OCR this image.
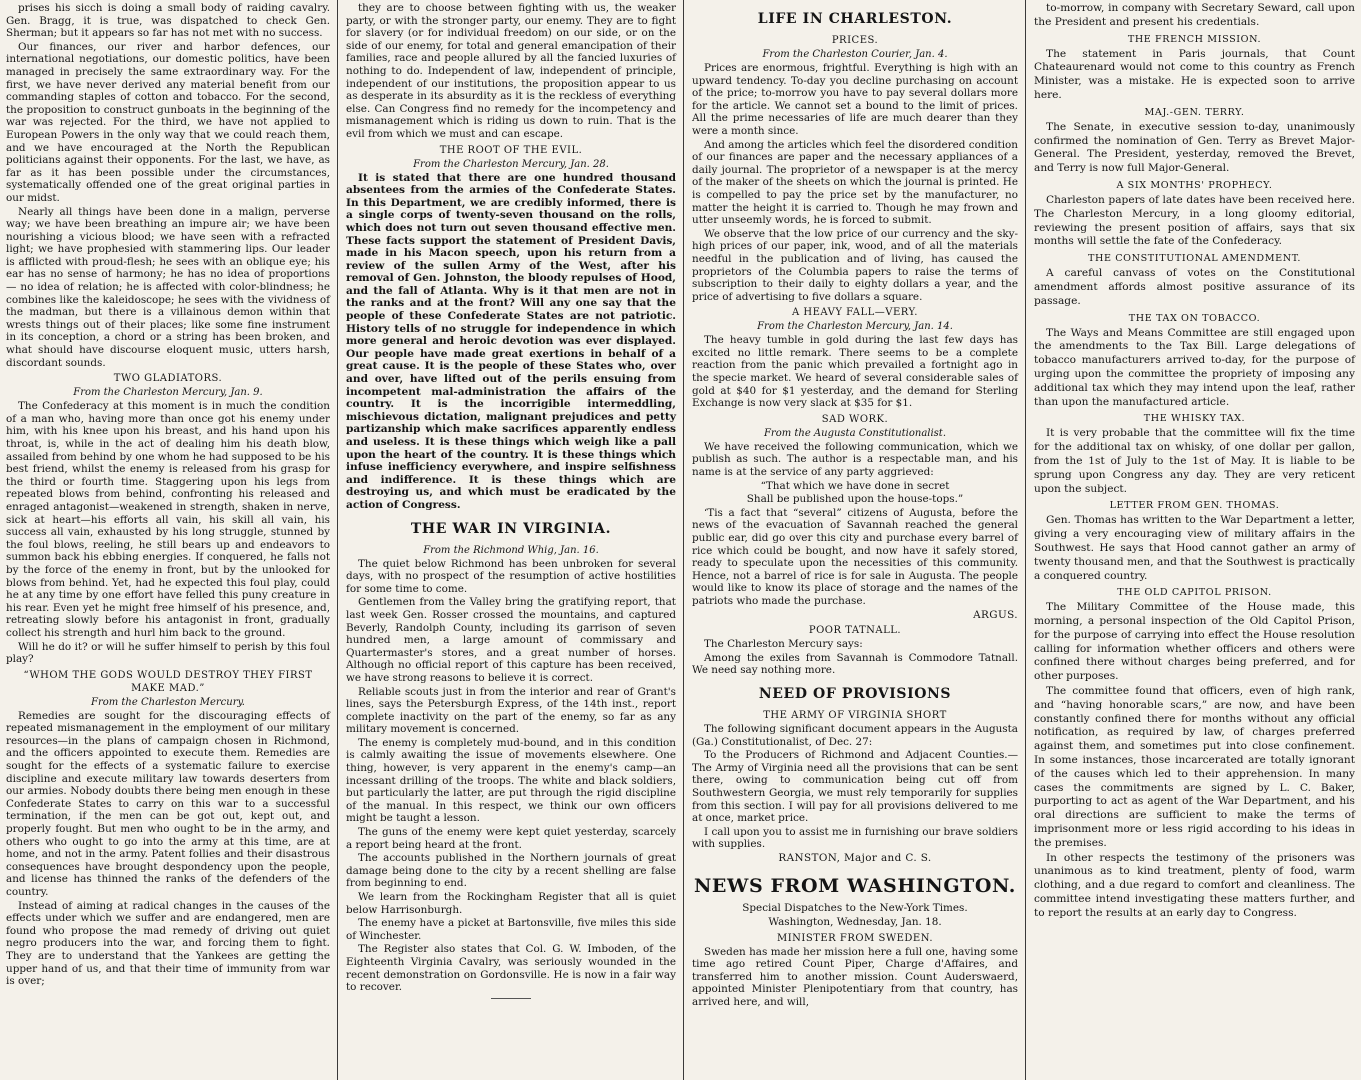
prises his sicch is doing a small body of raiding cavalry. Gen. Bragg, it is true, was dispatched to check Gen. Sherman; but it appears so far has not met with no success.

Our finances, our river and harbor defences, our international negotiations, our domestic politics, have been managed in precisely the same extraordinary way. For the first, we have never derived any material benefit from our commanding staples of cotton and tobacco. For the second, the proposition to construct gunboats in the beginning of the war was rejected. For the third, we have not applied to European Powers in the only way that we could reach them, and we have encouraged at the North the Republican politicians against their opponents. For the last, we have, as far as it has been possible under the circumstances, systematically offended one of the great original parties in our midst.

Nearly all things have been done in a malign, perverse way; we have been breathing an impure air; we have been nourishing a vicious blood; we have seen with a refracted light; we have prophesied with stammering lips. Our leader is afflicted with proud-flesh; he sees with an oblique eye; his ear has no sense of harmony; he has no idea of proportions — no idea of relation; he is affected with color-blindness; he combines like the kaleidoscope; he sees with the vividness of the madman, but there is a villainous demon within that wrests things out of their places; like some fine instrument in its conception, a chord or a string has been broken, and what should have discourse eloquent music, utters harsh, discordant sounds.

TWO GLADIATORS.
From the Charleston Mercury, Jan. 9.

The Confederacy at this moment is in much the condition of a man who, having more than once got his enemy under him, with his knee upon his breast, and his hand upon his throat, is, while in the act of dealing him his death blow, assailed from behind by one whom he had supposed to be his best friend, whilst the enemy is released from his grasp for the third or fourth time. Staggering upon his legs from repeated blows from behind, confronting his released and enraged antagonist—weakened in strength, shaken in nerve, sick at heart—his efforts all vain, his skill all vain, his success all vain, exhausted by his long struggle, stunned by the foul blows, reeling, he still bears up and endeavors to summon back his ebbing energies. If conquered, he falls not by the force of the enemy in front, but by the unlooked for blows from behind. Yet, had he expected this foul play, could he at any time by one effort have felled this puny creature in his rear. Even yet he might free himself of his presence, and, retreating slowly before his antagonist in front, gradually collect his strength and hurl him back to the ground.

Will he do it? or will he suffer himself to perish by this foul play?

“WHOM THE GODS WOULD DESTROY THEY FIRST MAKE MAD.”
From the Charleston Mercury.

Remedies are sought for the discouraging effects of repeated mismanagement in the employment of our military resources—in the plans of campaign chosen in Richmond, and the officers appointed to execute them. Remedies are sought for the effects of a systematic failure to exercise discipline and execute military law towards deserters from our armies. Nobody doubts there being men enough in these Confederate States to carry on this war to a successful termination, if the men can be got out, kept out, and properly fought. But men who ought to be in the army, and others who ought to go into the army at this time, are at home, and not in the army. Patent follies and their disastrous consequences have brought despondency upon the people, and license has thinned the ranks of the defenders of the country.

Instead of aiming at radical changes in the causes of the effects under which we suffer and are endangered, men are found who propose the mad remedy of driving out quiet negro producers into the war, and forcing them to fight. They are to understand that the Yankees are getting the upper hand of us, and that their time of immunity from war is over;

they are to choose between fighting with us, the weaker party, or with the stronger party, our enemy. They are to fight for slavery (or for individual freedom) on our side, or on the side of our enemy, for total and general emancipation of their families, race and people allured by all the fancied luxuries of nothing to do. Independent of law, independent of principle, independent of our institutions, the proposition appear to us as desperate in its absurdity as it is the reckless of everything else. Can Congress find no remedy for the incompetency and mismanagement which is riding us down to ruin. That is the evil from which we must and can escape.

THE ROOT OF THE EVIL.
From the Charleston Mercury, Jan. 28.

It is stated that there are one hundred thousand absentees from the armies of the Confederate States. In this Department, we are credibly informed, there is a single corps of twenty-seven thousand on the rolls, which does not turn out seven thousand effective men. These facts support the statement of President Davis, made in his Macon speech, upon his return from a review of the sullen Army of the West, after his removal of Gen. Johnston, the bloody repulses of Hood, and the fall of Atlanta. Why is it that men are not in the ranks and at the front? Will any one say that the people of these Confederate States are not patriotic. History tells of no struggle for independence in which more general and heroic devotion was ever displayed. Our people have made great exertions in behalf of a great cause. It is the people of these States who, over and over, have lifted out of the perils ensuing from incompetent mal-administration the affairs of the country. It is the incorrigible intermeddling, mischievous dictation, malignant prejudices and petty partizanship which make sacrifices apparently endless and useless. It is these things which weigh like a pall upon the heart of the country. It is these things which infuse inefficiency everywhere, and inspire selfishness and indifference. It is these things which are destroying us, and which must be eradicated by the action of Congress.

THE WAR IN VIRGINIA.
From the Richmond Whig, Jan. 16.

The quiet below Richmond has been unbroken for several days, with no prospect of the resumption of active hostilities for some time to come.

Gentlemen from the Valley bring the gratifying report, that last week Gen. Rosser crossed the mountains, and captured Beverly, Randolph County, including its garrison of seven hundred men, a large amount of commissary and Quartermaster's stores, and a great number of horses. Although no official report of this capture has been received, we have strong reasons to believe it is correct.

Reliable scouts just in from the interior and rear of Grant's lines, says the Petersburgh Express, of the 14th inst., report complete inactivity on the part of the enemy, so far as any military movement is concerned.

The enemy is completely mud-bound, and in this condition is calmly awaiting the issue of movements elsewhere. One thing, however, is very apparent in the enemy's camp—an incessant drilling of the troops. The white and black soldiers, but particularly the latter, are put through the rigid discipline of the manual. In this respect, we think our own officers might be taught a lesson.

The guns of the enemy were kept quiet yesterday, scarcely a report being heard at the front.

The accounts published in the Northern journals of great damage being done to the city by a recent shelling are false from beginning to end.

We learn from the Rockingham Register that all is quiet below Harrisonburgh.

The enemy have a picket at Bartonsville, five miles this side of Winchester.

The Register also states that Col. G. W. Imboden, of the Eighteenth Virginia Cavalry, was seriously wounded in the recent demonstration on Gordonsville. He is now in a fair way to recover.

LIFE IN CHARLESTON.
PRICES.
From the Charleston Courier, Jan. 4.

Prices are enormous, frightful. Everything is high with an upward tendency. To-day you decline purchasing on account of the price; to-morrow you have to pay several dollars more for the article. We cannot set a bound to the limit of prices. All the prime necessaries of life are much dearer than they were a month since.

And among the articles which feel the disordered condition of our finances are paper and the necessary appliances of a daily journal. The proprietor of a newspaper is at the mercy of the maker of the sheets on which the journal is printed. He is compelled to pay the price set by the manufacturer, no matter the height it is carried to. Though he may frown and utter unseemly words, he is forced to submit.

We observe that the low price of our currency and the sky-high prices of our paper, ink, wood, and of all the materials needful in the publication and of living, has caused the proprietors of the Columbia papers to raise the terms of subscription to their daily to eighty dollars a year, and the price of advertising to five dollars a square.

A HEAVY FALL—VERY.
From the Charleston Mercury, Jan. 14.

The heavy tumble in gold during the last few days has excited no little remark. There seems to be a complete reaction from the panic which prevailed a fortnight ago in the specie market. We heard of several considerable sales of gold at $40 for $1 yesterday, and the demand for Sterling Exchange is now very slack at $35 for $1.

SAD WORK.
From the Augusta Constitutionalist.

We have received the following communication, which we publish as such. The author is a respectable man, and his name is at the service of any party aggrieved:

“That which we have done in secret
Shall be published upon the house-tops.”

‘Tis a fact that “several” citizens of Augusta, before the news of the evacuation of Savannah reached the general public ear, did go over this city and purchase every barrel of rice which could be bought, and now have it safely stored, ready to speculate upon the necessities of this community. Hence, not a barrel of rice is for sale in Augusta. The people would like to know its place of storage and the names of the patriots who made the purchase.

ARGUS.
POOR TATNALL.

The Charleston Mercury says:

Among the exiles from Savannah is Commodore Tatnall. We need say nothing more.

NEED OF PROVISIONS
THE ARMY OF VIRGINIA SHORT

The following significant document appears in the Augusta (Ga.) Constitutionalist, of Dec. 27:

To the Producers of Richmond and Adjacent Counties.—The Army of Virginia need all the provisions that can be sent there, owing to communication being cut off from Southwestern Georgia, we must rely temporarily for supplies from this section. I will pay for all provisions delivered to me at once, market price.

I call upon you to assist me in furnishing our brave soldiers with supplies.

RANSTON, Major and C. S.
NEWS FROM WASHINGTON.
Special Dispatches to the New-York Times.
Washington, Wednesday, Jan. 18.
MINISTER FROM SWEDEN.

Sweden has made her mission here a full one, having some time ago retired Count Piper, Charge d'Affaires, and transferred him to another mission. Count Auderswaerd, appointed Minister Plenipotentiary from that country, has arrived here, and will,

to-morrow, in company with Secretary Seward, call upon the President and present his credentials.

THE FRENCH MISSION.

The statement in Paris journals, that Count Chateaurenard would not come to this country as French Minister, was a mistake. He is expected soon to arrive here.

MAJ.-GEN. TERRY.

The Senate, in executive session to-day, unanimously confirmed the nomination of Gen. Terry as Brevet Major-General. The President, yesterday, removed the Brevet, and Terry is now full Major-General.

A SIX MONTHS' PROPHECY.

Charleston papers of late dates have been received here. The Charleston Mercury, in a long gloomy editorial, reviewing the present position of affairs, says that six months will settle the fate of the Confederacy.

THE CONSTITUTIONAL AMENDMENT.

A careful canvass of votes on the Constitutional amendment affords almost positive assurance of its passage.

THE TAX ON TOBACCO.

The Ways and Means Committee are still engaged upon the amendments to the Tax Bill. Large delegations of tobacco manufacturers arrived to-day, for the purpose of urging upon the committee the propriety of imposing any additional tax which they may intend upon the leaf, rather than upon the manufactured article.

THE WHISKY TAX.

It is very probable that the committee will fix the time for the additional tax on whisky, of one dollar per gallon, from the 1st of July to the 1st of May. It is liable to be sprung upon Congress any day. They are very reticent upon the subject.

LETTER FROM GEN. THOMAS.

Gen. Thomas has written to the War Department a letter, giving a very encouraging view of military affairs in the Southwest. He says that Hood cannot gather an army of twenty thousand men, and that the Southwest is practically a conquered country.

THE OLD CAPITOL PRISON.

The Military Committee of the House made, this morning, a personal inspection of the Old Capitol Prison, for the purpose of carrying into effect the House resolution calling for information whether officers and others were confined there without charges being preferred, and for other purposes.

The committee found that officers, even of high rank, and “having honorable scars,” are now, and have been constantly confined there for months without any official notification, as required by law, of charges preferred against them, and sometimes put into close confinement. In some instances, those incarcerated are totally ignorant of the causes which led to their apprehension. In many cases the commitments are signed by L. C. Baker, purporting to act as agent of the War Department, and his oral directions are sufficient to make the terms of imprisonment more or less rigid according to his ideas in the premises.

In other respects the testimony of the prisoners was unanimous as to kind treatment, plenty of food, warm clothing, and a due regard to comfort and cleanliness. The committee intend investigating these matters further, and to report the results at an early day to Congress.
